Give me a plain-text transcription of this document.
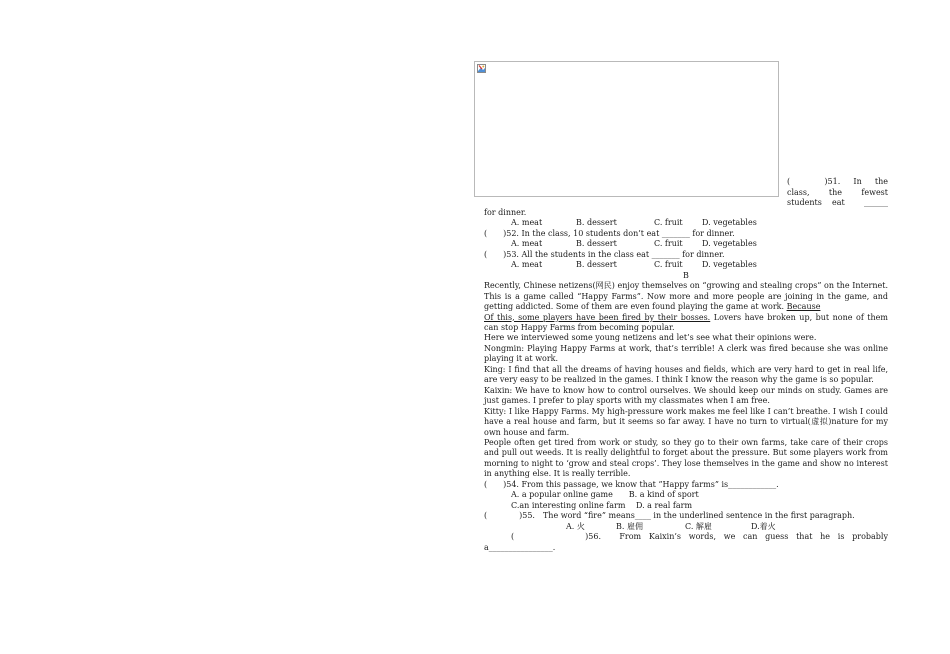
(　　　)51.　In　the
class,　　the　　fewest
students　eat　　______

for dinner.

A. meat	B. dessert	C. fruit D. vegetables

(　　)52. In the class, 10 students don’t eat _______ for dinner.

A. meat	B. dessert	C. fruit D. vegetables

(　　)53. All the students in the class eat _______ for dinner.

A. meat	B. dessert	C. fruit D. vegetables

B

Recently, Chinese netizens(网民) enjoy themselves on “growing and stealing crops” on the Internet. This is a game called “Happy Farms”. Now more and more people are joining in the game, and getting addicted. Some of them are even found playing the game at work. Because
Of this, some players have been fired by their bosses. Lovers have broken up, but none of them can stop Happy Farms from becoming popular.

Here we interviewed some young netizens and let’s see what their opinions were.

Nongmin: Playing Happy Farms at work, that’s terrible! A clerk was fired because she was online playing it at work.

King: I find that all the dreams of having houses and fields, which are very hard to get in real life, are very easy to be realized in the games. I think I know the reason why the game is so popular.

Kaixin: We have to know how to control ourselves. We should keep our minds on study. Games are just games. I prefer to play sports with my classmates when I am free.

Kitty: I like Happy Farms. My high-pressure work makes me feel like I can’t breathe. I wish I could have a real house and farm, but it seems so far away. I have no turn to virtual(虚拟)nature for my own house and farm.

People often get tired from work or study, so they go to their own farms, take care of their crops and pull out weeds. It is really delightful to forget about the pressure. But some players work from morning to night to ‘grow and steal crops’. They lose themselves in the game and show no interest in anything else. It is really terrible.

(　　)54. From this passage, we know that ”Happy farms” is____________.

A. a popular online game　　B. a kind of sport

C.an interesting online farm　 D. a real farm

(　　　　)55.　The word “fire” means____ in the underlined sentence in the first paragraph.

A. 火	B. 雇佣	C. 解雇	D.着火

(　　　　　)56.　From Kaixin’s words, we can guess that he is probably

a________________.
